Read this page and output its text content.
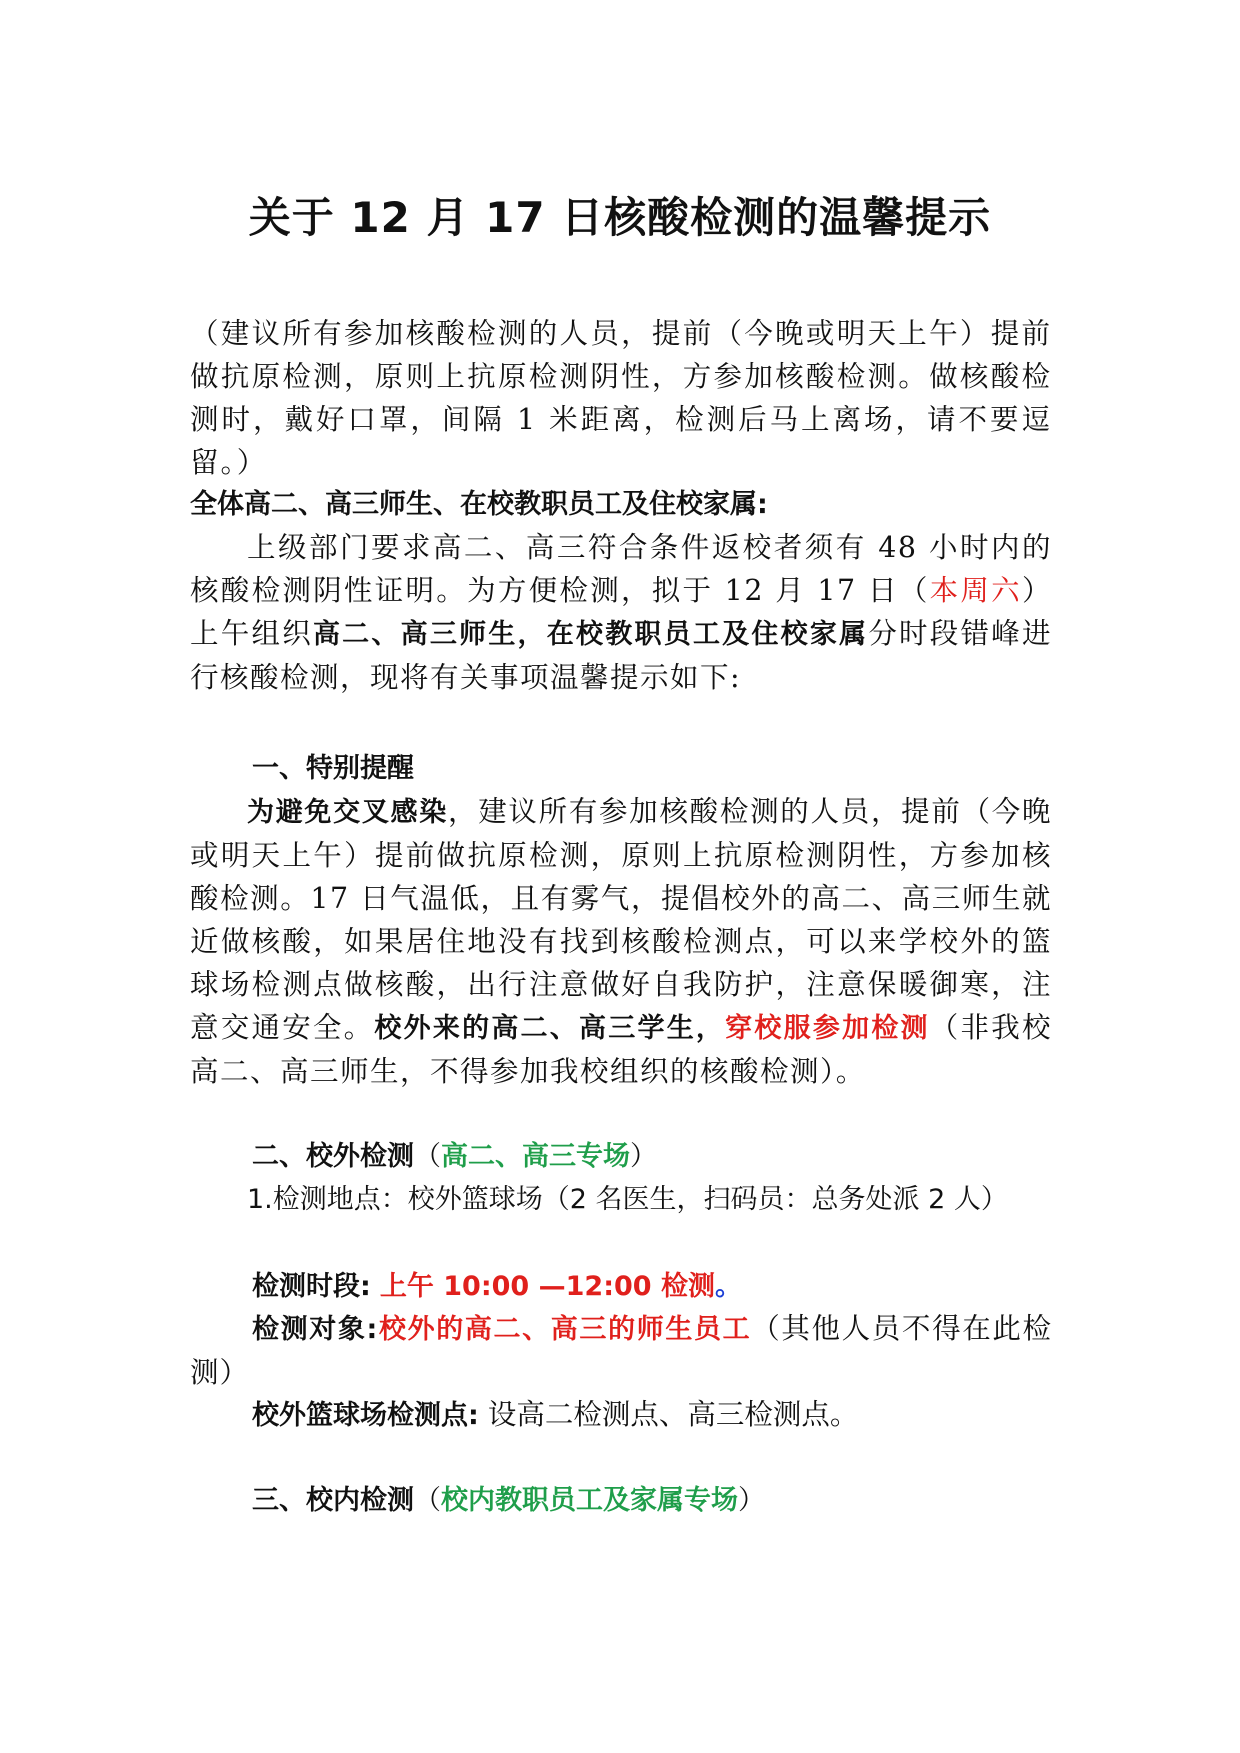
关于 12 月 17 日核酸检测的温馨提示
（建议所有参加核酸检测的人员，提前（今晚或明天上午）提前做抗原检测，原则上抗原检测阴性，方参加核酸检测。做核酸检测时，戴好口罩，间隔 1 米距离，检测后马上离场，请不要逗留。）
全体高二、高三师生、在校教职员工及住校家属:
上级部门要求高二、高三符合条件返校者须有 48 小时内的核酸检测阴性证明。为方便检测，拟于 12 月 17 日（本周六）上午组织高二、高三师生，在校教职员工及住校家属分时段错峰进行核酸检测，现将有关事项温馨提示如下:
一、特别提醒
为避免交叉感染，建议所有参加核酸检测的人员，提前（今晚或明天上午）提前做抗原检测，原则上抗原检测阴性，方参加核酸检测。17 日气温低，且有雾气，提倡校外的高二、高三师生就近做核酸，如果居住地没有找到核酸检测点，可以来学校外的篮球场检测点做核酸，出行注意做好自我防护，注意保暖御寒，注意交通安全。校外来的高二、高三学生，穿校服参加检测（非我校高二、高三师生，不得参加我校组织的核酸检测）。
二、校外检测（高二、高三专场）
1.检测地点：校外篮球场（2 名医生，扫码员：总务处派 2 人）
检测时段: 上午 10:00 —12:00 检测。
检测对象:校外的高二、高三的师生员工（其他人员不得在此检测）
校外篮球场检测点: 设高二检测点、高三检测点。
三、校内检测（校内教职员工及家属专场）
